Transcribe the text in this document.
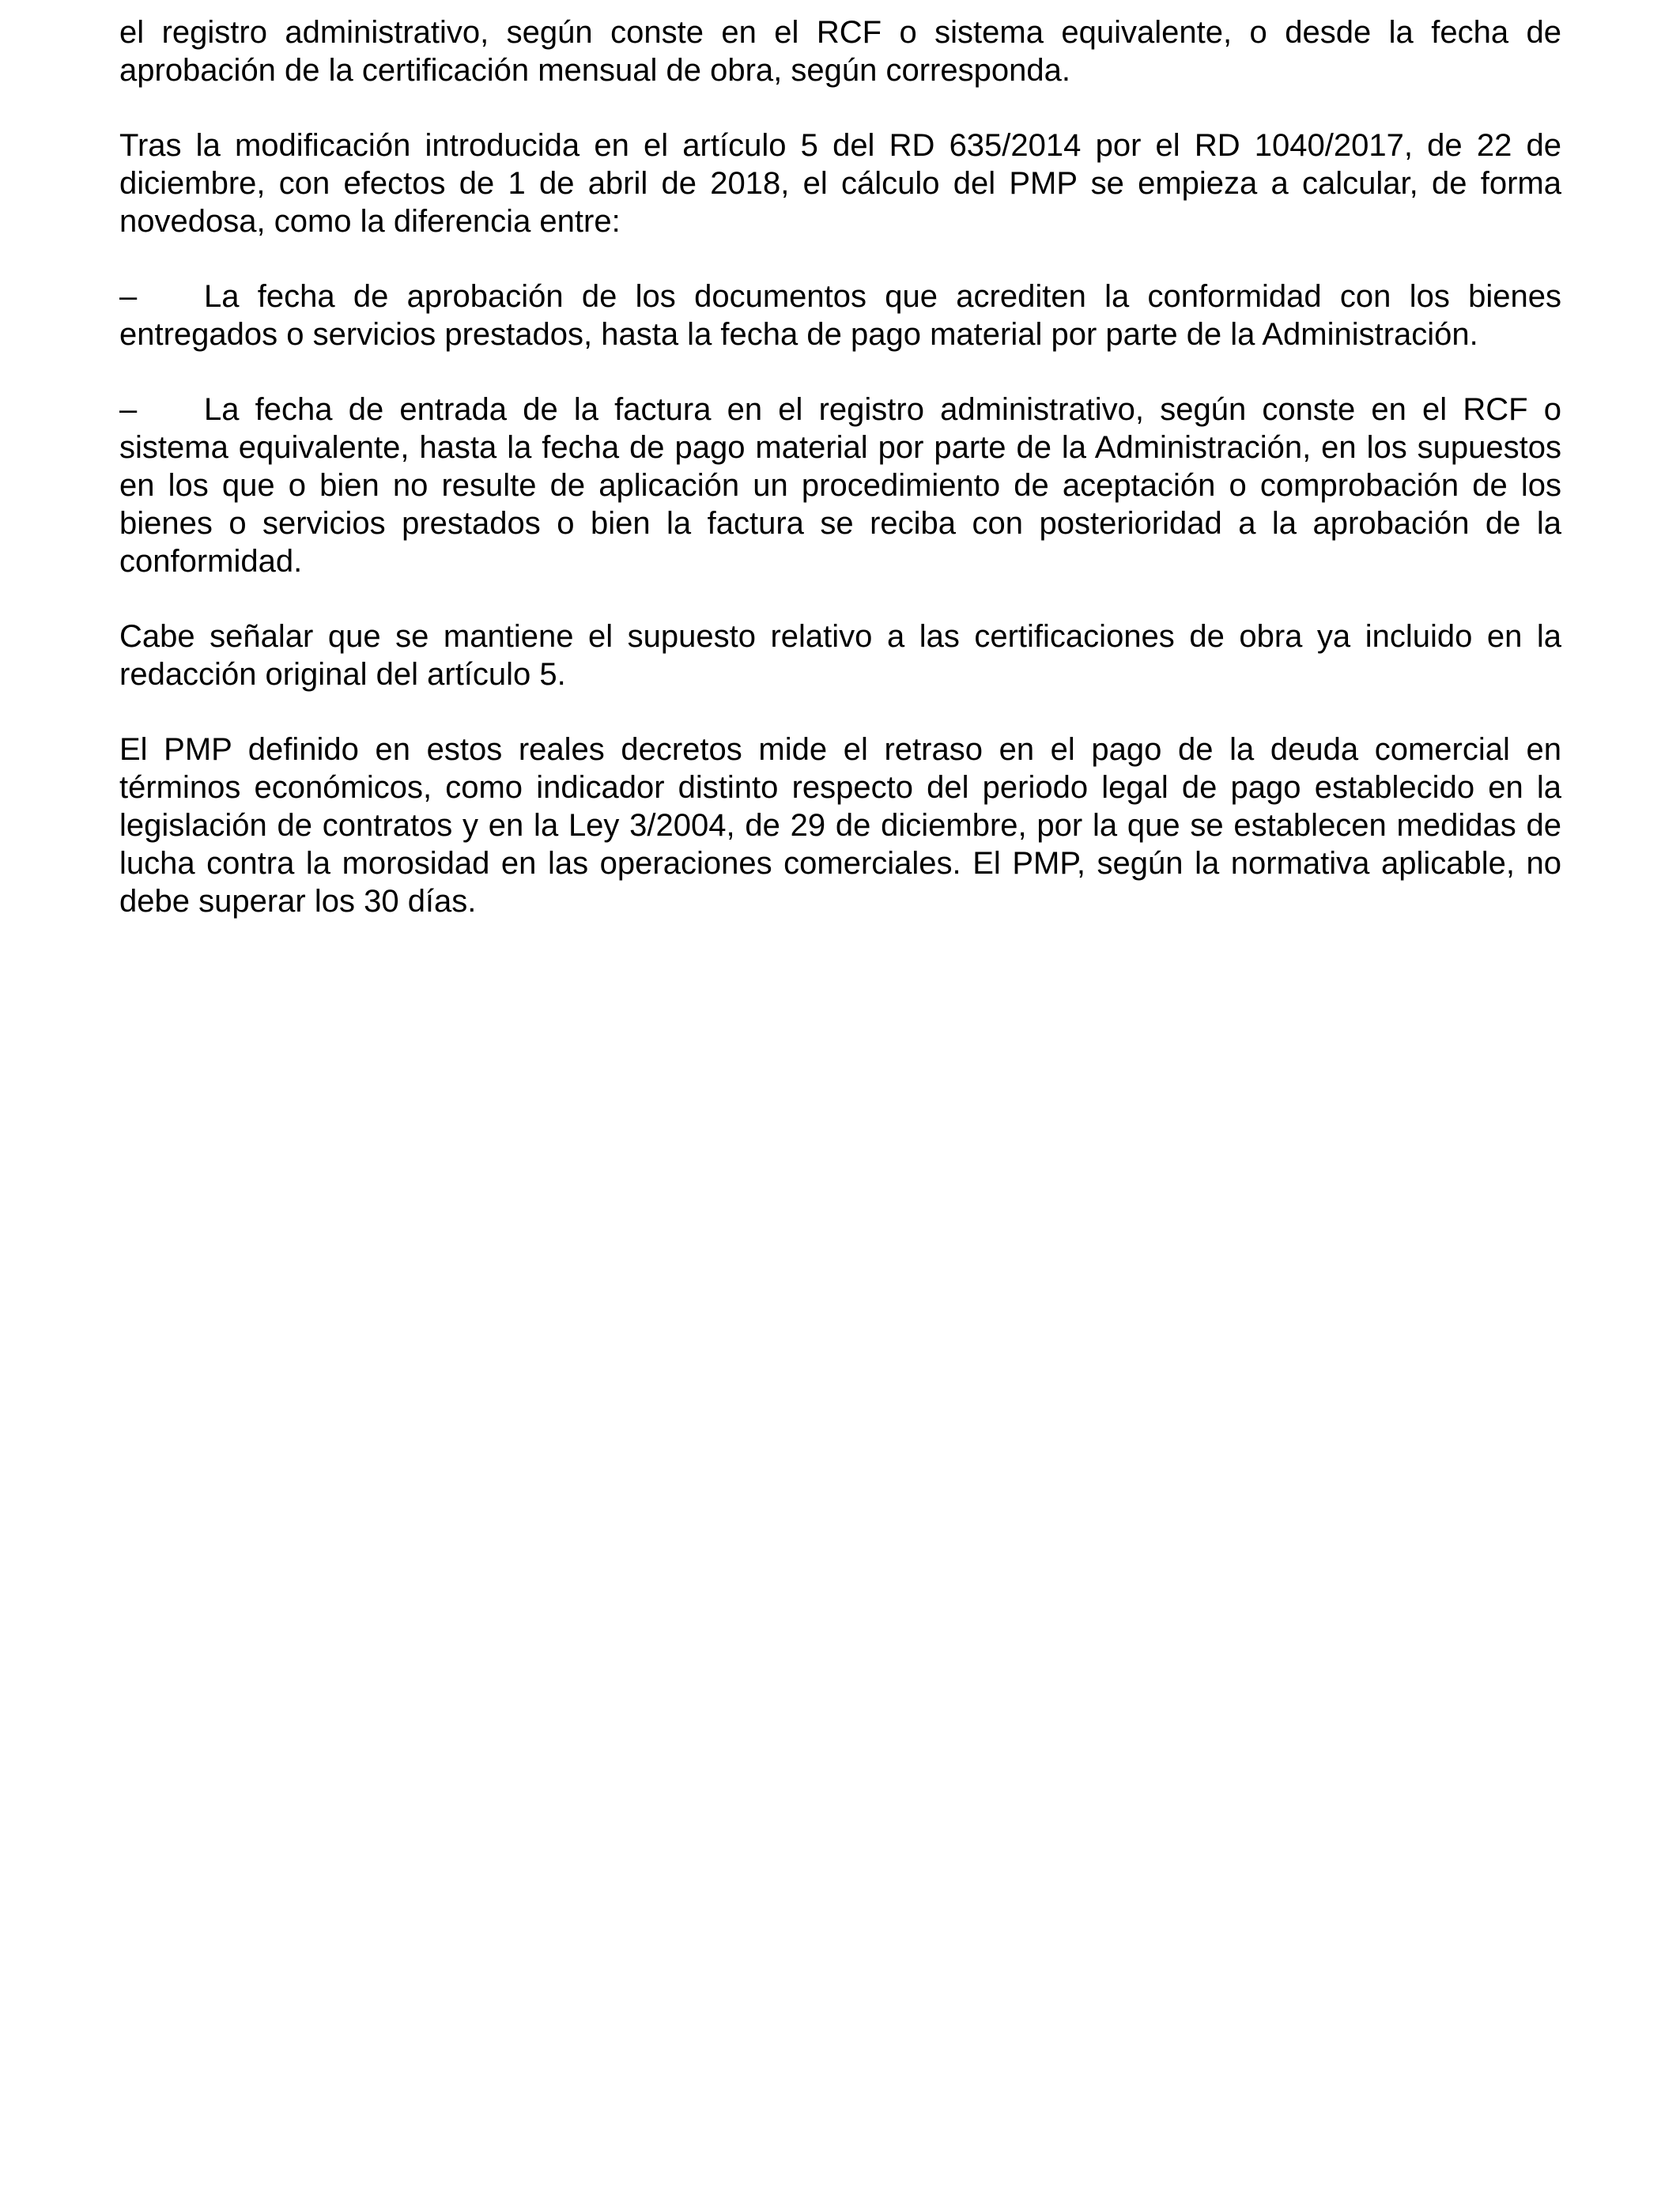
el registro administrativo, según conste en el RCF o sistema equivalente, o desde la fecha de aprobación de la certificación mensual de obra, según corresponda.

Tras la modificación introducida en el artículo 5 del RD 635/2014 por el RD 1040/2017, de 22 de diciembre, con efectos de 1 de abril de 2018, el cálculo del PMP se empieza a calcular, de forma novedosa, como la diferencia entre:

– La fecha de aprobación de los documentos que acrediten la conformidad con los bienes entregados o servicios prestados, hasta la fecha de pago material por parte de la Administración.

– La fecha de entrada de la factura en el registro administrativo, según conste en el RCF o sistema equivalente, hasta la fecha de pago material por parte de la Administración, en los supuestos en los que o bien no resulte de aplicación un procedimiento de aceptación o comprobación de los bienes o servicios prestados o bien la factura se reciba con posterioridad a la aprobación de la conformidad.

Cabe señalar que se mantiene el supuesto relativo a las certificaciones de obra ya incluido en la redacción original del artículo 5.

El PMP definido en estos reales decretos mide el retraso en el pago de la deuda comercial en términos económicos, como indicador distinto respecto del periodo legal de pago establecido en la legislación de contratos y en la Ley 3/2004, de 29 de diciembre, por la que se establecen medidas de lucha contra la morosidad en las operaciones comerciales. El PMP, según la normativa aplicable, no debe superar los 30 días.
